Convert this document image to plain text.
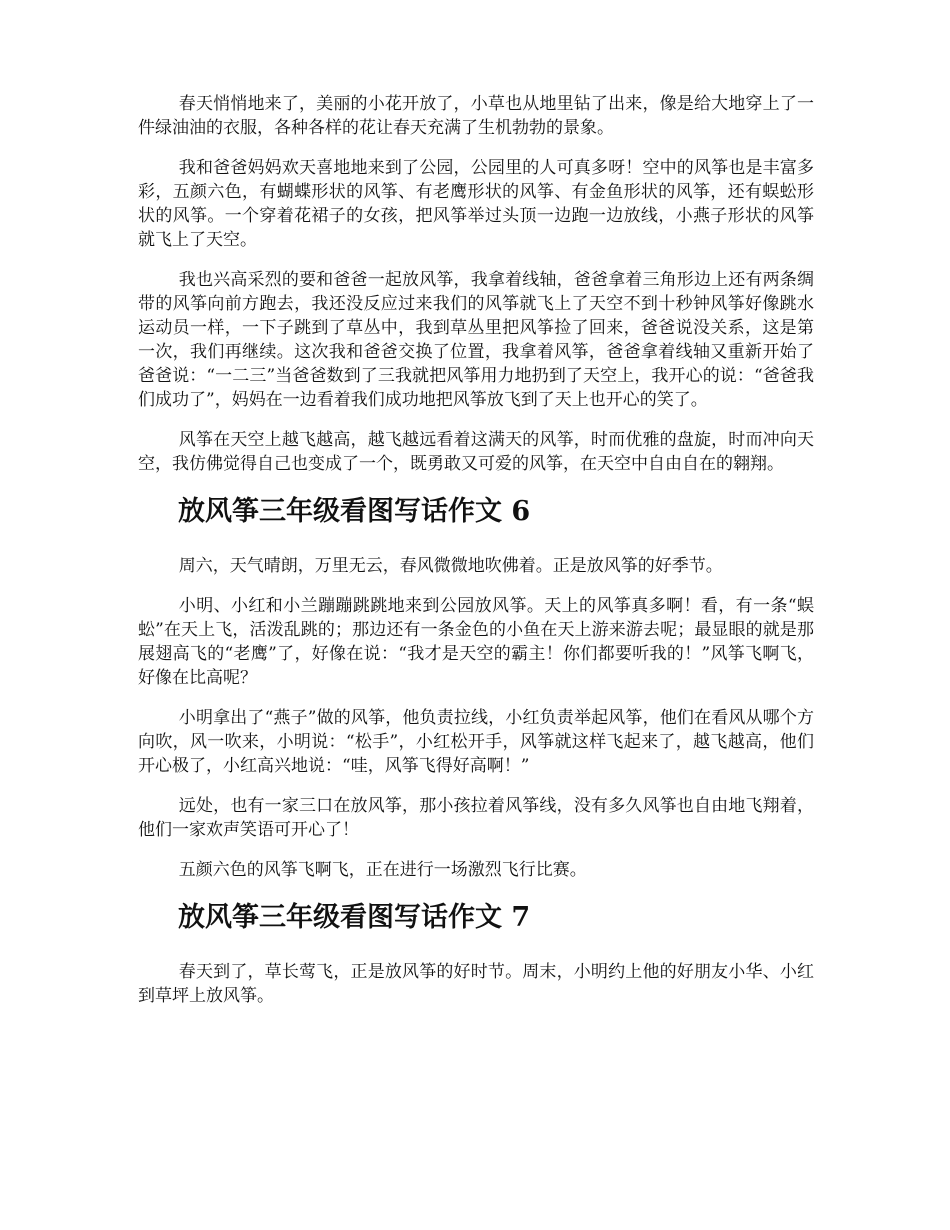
春天悄悄地来了，美丽的小花开放了，小草也从地里钻了出来，像是给大地穿上了一件绿油油的衣服，各种各样的花让春天充满了生机勃勃的景象。

我和爸爸妈妈欢天喜地地来到了公园，公园里的人可真多呀！空中的风筝也是丰富多彩，五颜六色，有蝴蝶形状的风筝、有老鹰形状的风筝、有金鱼形状的风筝，还有蜈蚣形状的风筝。一个穿着花裙子的女孩，把风筝举过头顶一边跑一边放线，小燕子形状的风筝就飞上了天空。

我也兴高采烈的要和爸爸一起放风筝，我拿着线轴，爸爸拿着三角形边上还有两条绸带的风筝向前方跑去，我还没反应过来我们的风筝就飞上了天空不到十秒钟风筝好像跳水运动员一样，一下子跳到了草丛中，我到草丛里把风筝捡了回来，爸爸说没关系，这是第一次，我们再继续。这次我和爸爸交换了位置，我拿着风筝，爸爸拿着线轴又重新开始了爸爸说：“一二三”当爸爸数到了三我就把风筝用力地扔到了天空上，我开心的说：“爸爸我们成功了”，妈妈在一边看着我们成功地把风筝放飞到了天上也开心的笑了。

风筝在天空上越飞越高，越飞越远看着这满天的风筝，时而优雅的盘旋，时而冲向天空，我仿佛觉得自己也变成了一个，既勇敢又可爱的风筝，在天空中自由自在的翱翔。

放风筝三年级看图写话作文 6

周六，天气晴朗，万里无云，春风微微地吹佛着。正是放风筝的好季节。

小明、小红和小兰蹦蹦跳跳地来到公园放风筝。天上的风筝真多啊！看，有一条“蜈蚣”在天上飞，活泼乱跳的；那边还有一条金色的小鱼在天上游来游去呢；最显眼的就是那展翅高飞的“老鹰”了，好像在说：“我才是天空的霸主！你们都要听我的！”风筝飞啊飞，好像在比高呢？

小明拿出了“燕子”做的风筝，他负责拉线，小红负责举起风筝，他们在看风从哪个方向吹，风一吹来，小明说：“松手”，小红松开手，风筝就这样飞起来了，越飞越高，他们开心极了，小红高兴地说：“哇，风筝飞得好高啊！”

远处，也有一家三口在放风筝，那小孩拉着风筝线，没有多久风筝也自由地飞翔着，他们一家欢声笑语可开心了！

五颜六色的风筝飞啊飞，正在进行一场激烈飞行比赛。

放风筝三年级看图写话作文 7

春天到了，草长莺飞，正是放风筝的好时节。周末，小明约上他的好朋友小华、小红到草坪上放风筝。
